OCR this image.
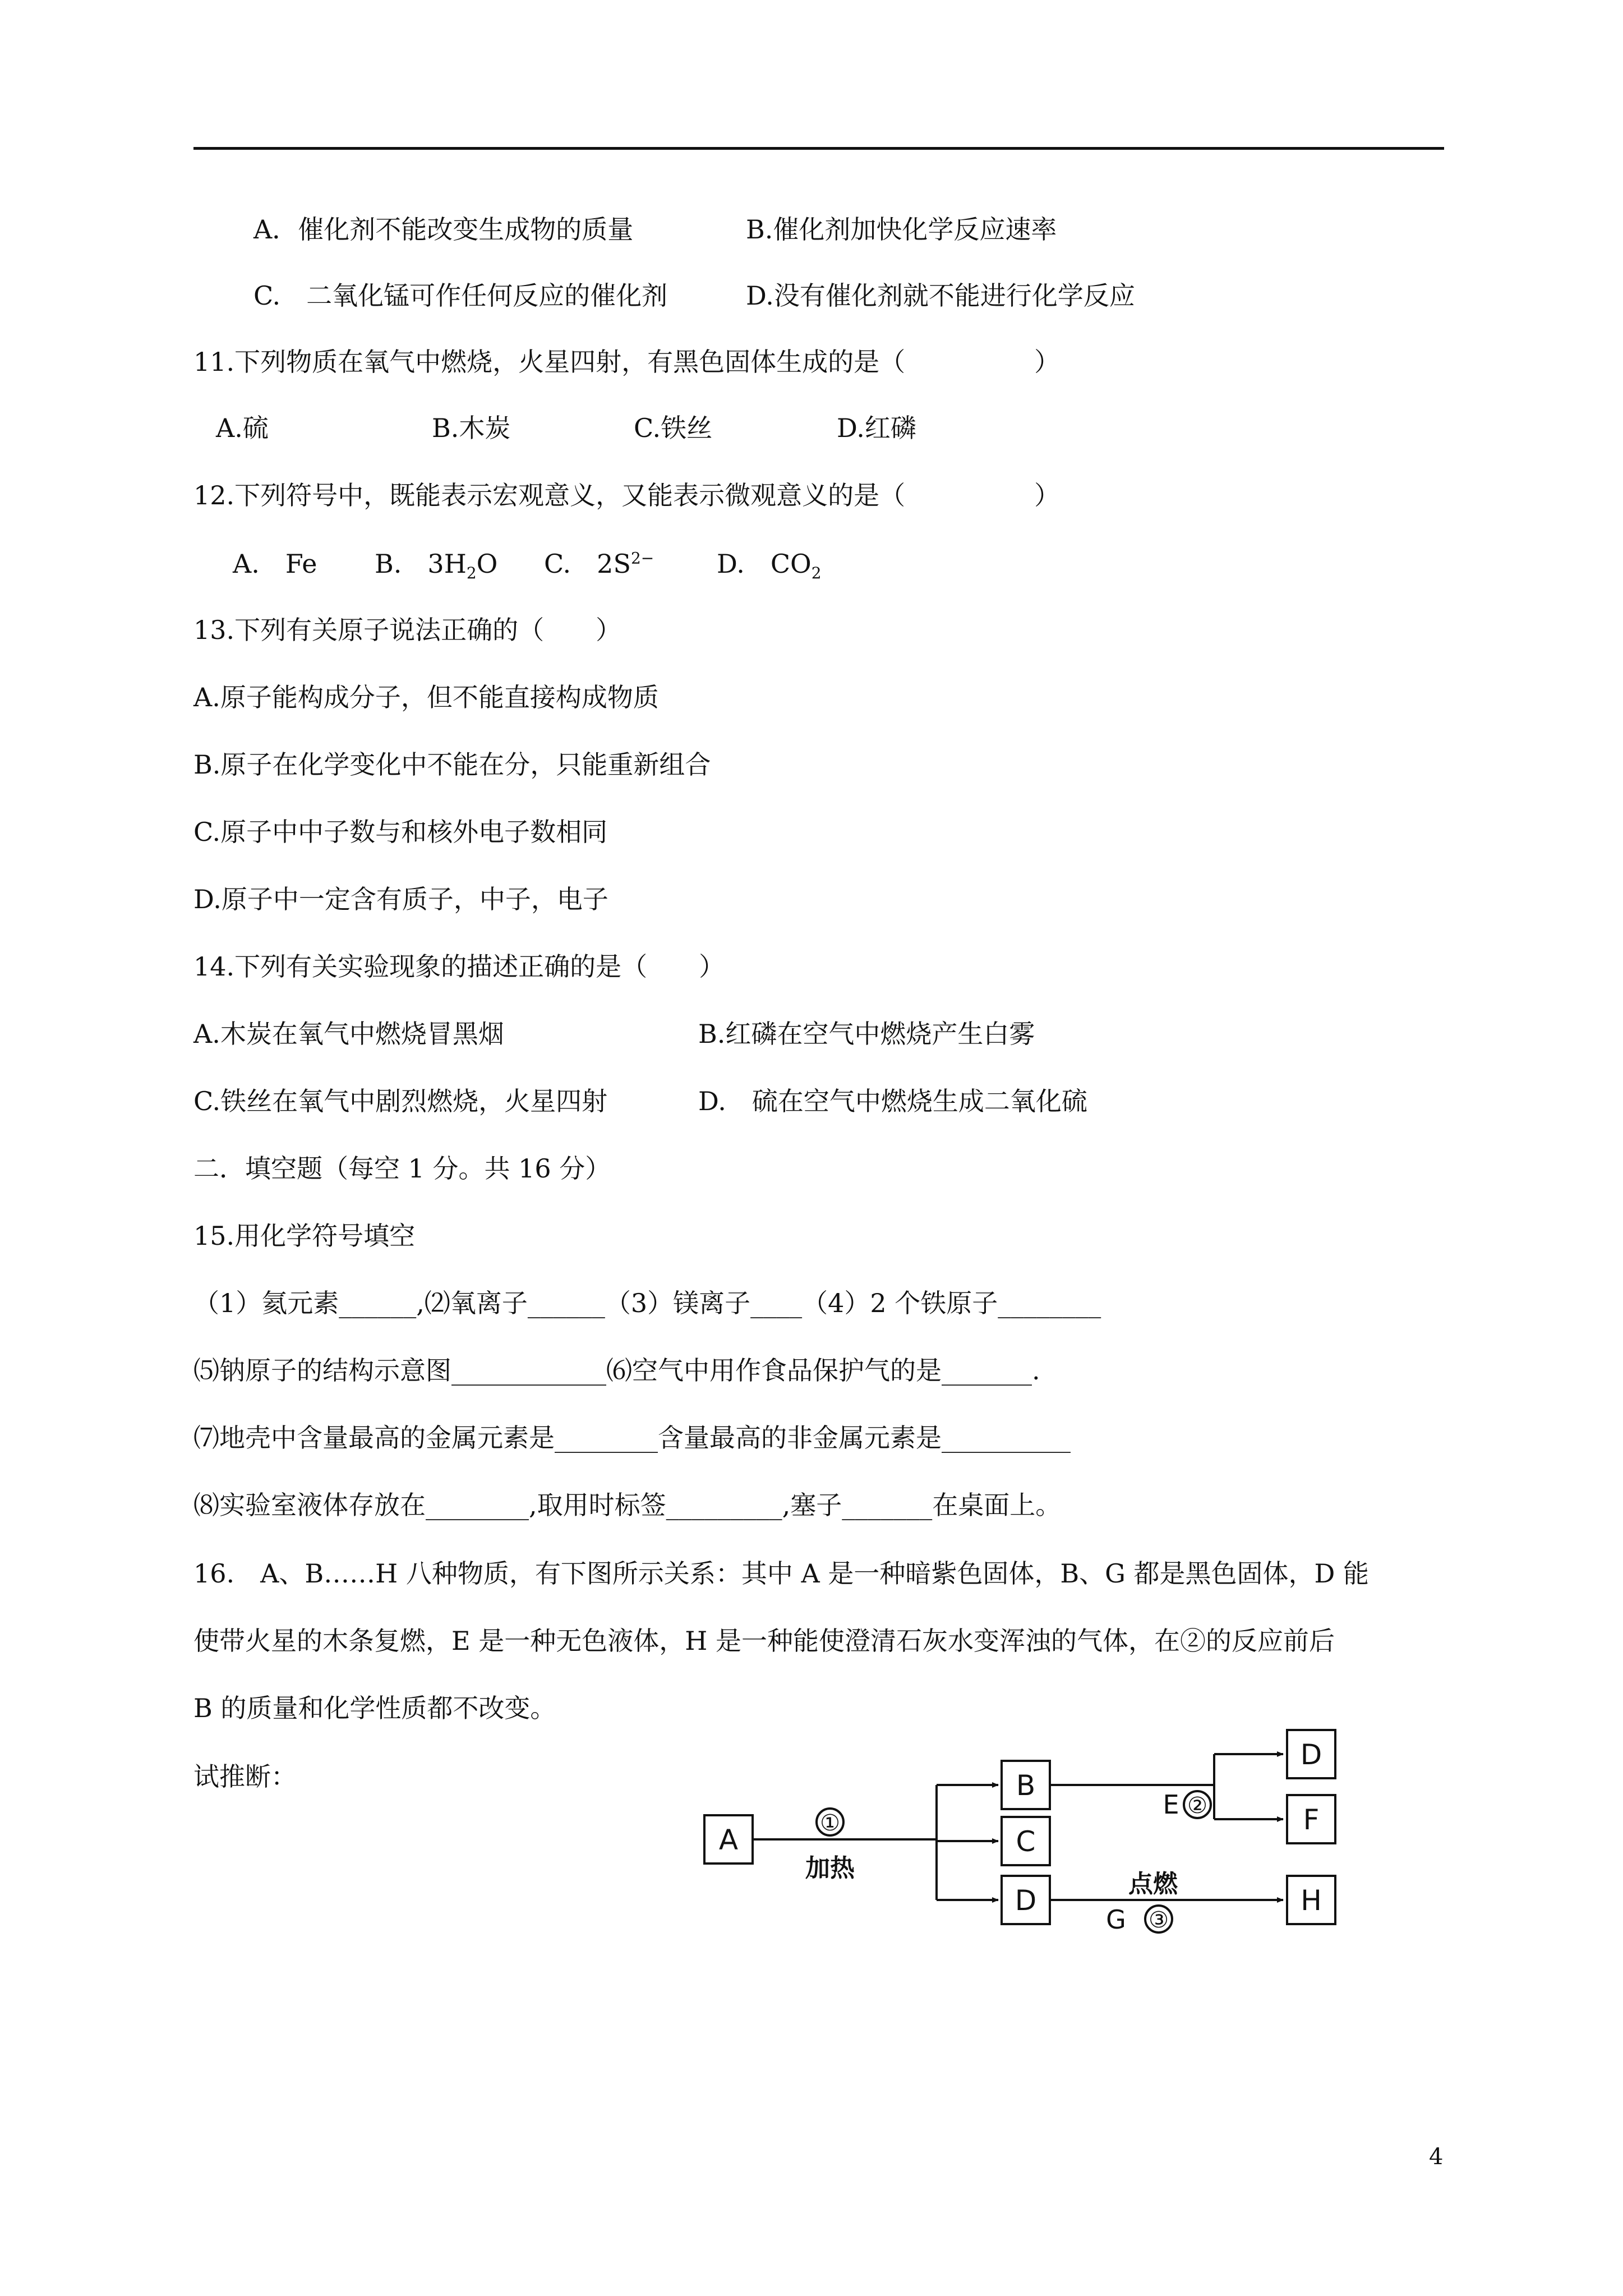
A．催化剂不能改变生成物的质量	B.催化剂加快化学反应速率
C.　二氧化锰可作任何反应的催化剂	D.没有催化剂就不能进行化学反应
11.下列物质在氧气中燃烧，火星四射，有黑色固体生成的是（　　　　　）
A.硫	B.木炭	C.铁丝	D.红磷
12.下列符号中，既能表示宏观意义，又能表示微观意义的是（　　　　　）
A.　Fe B.　$3H_2O$ C.　$2S^{2-}$ D.　$CO_2$
13.下列有关原子说法正确的（　　）
A.原子能构成分子，但不能直接构成物质
B.原子在化学变化中不能在分，只能重新组合
C.原子中中子数与和核外电子数相同
D.原子中一定含有质子，中子，电子
14.下列有关实验现象的描述正确的是（　　）
A.木炭在氧气中燃烧冒黑烟	B.红磷在空气中燃烧产生白雾
C.铁丝在氧气中剧烈燃烧，火星四射	D.　硫在空气中燃烧生成二氧化硫
二．填空题（每空 1 分。共 16 分）
15.用化学符号填空
（1）氦元素______,⑵氧离子______（3）镁离子____（4）2 个铁原子________
⑸钠原子的结构示意图____________⑹空气中用作食品保护气的是_______.
⑺地壳中含量最高的金属元素是________含量最高的非金属元素是__________
⑻实验室液体存放在________,取用时标签_________,塞子_______在桌面上。
16.　A、B……H 八种物质，有下图所示关系：其中 A 是一种暗紫色固体，B、G 都是黑色固体，D 能
使带火星的木条复燃，E 是一种无色液体，H 是一种能使澄清石灰水变浑浊的气体，在②的反应前后
B 的质量和化学性质都不改变。
试推断：
A
B
C
D
D
F
H
①
加热
E ②
点燃
G ③
4
